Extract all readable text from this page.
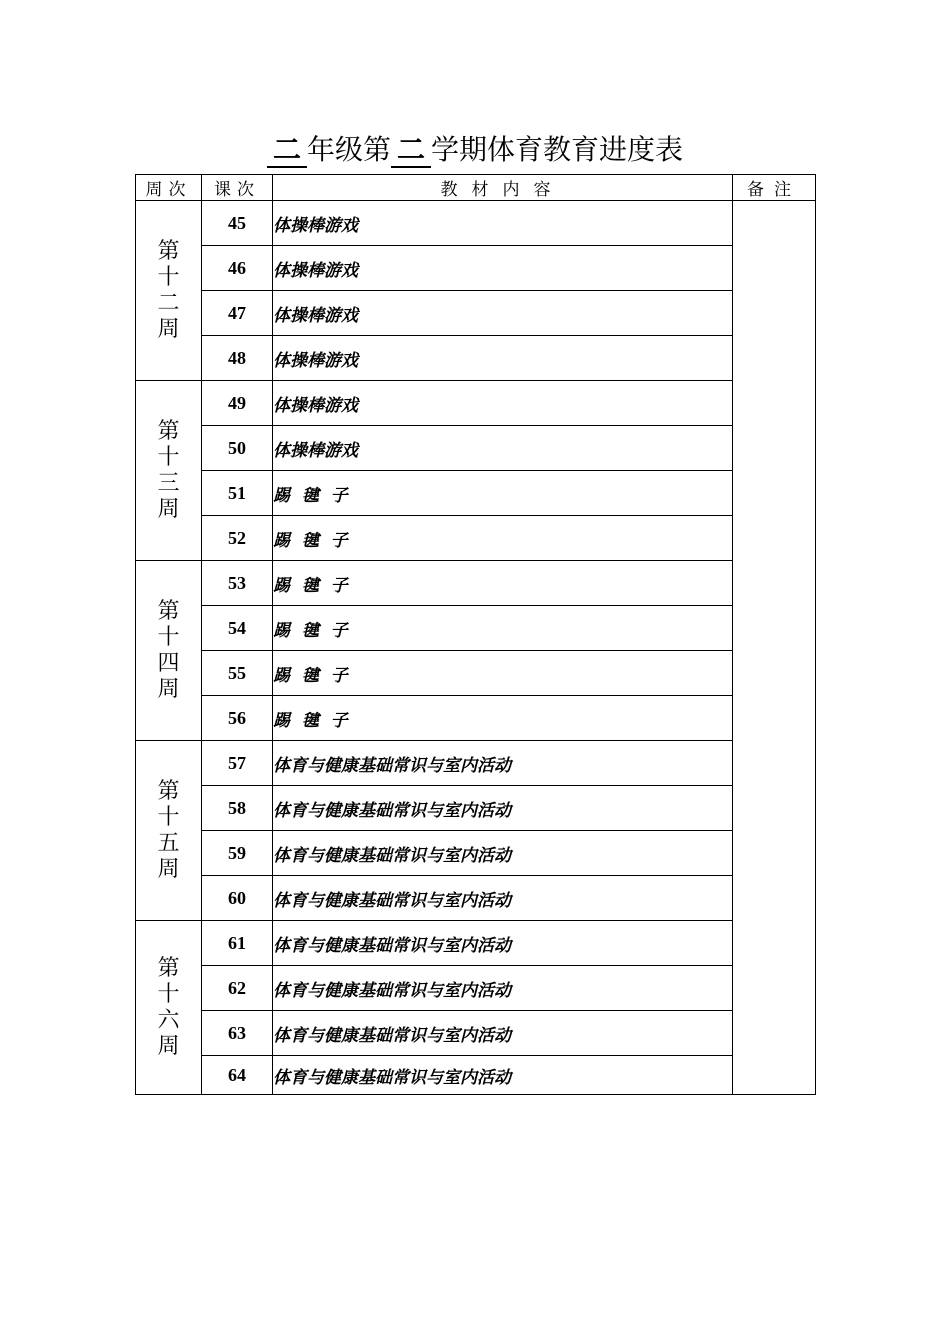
二 年级第 二 学期体育教育进度表
周次	课次	教材内容	备注

第
十
二
周	45	体操棒游戏	
	46	体操棒游戏	
	47	体操棒游戏	
	48	体操棒游戏	

第
十
三
周	49	体操棒游戏	
	50	体操棒游戏	
	51	踢  毽  子	
	52	踢  毽  子	

第
十
四
周	53	踢  毽  子	
	54	踢  毽  子	
	55	踢  毽  子	
	56	踢  毽  子	

第
十
五
周	57	体育与健康基础常识与室内活动	
	58	体育与健康基础常识与室内活动	
	59	体育与健康基础常识与室内活动	
	60	体育与健康基础常识与室内活动	

第
十
六
周	61	体育与健康基础常识与室内活动	
	62	体育与健康基础常识与室内活动	
	63	体育与健康基础常识与室内活动	
	64	体育与健康基础常识与室内活动	
